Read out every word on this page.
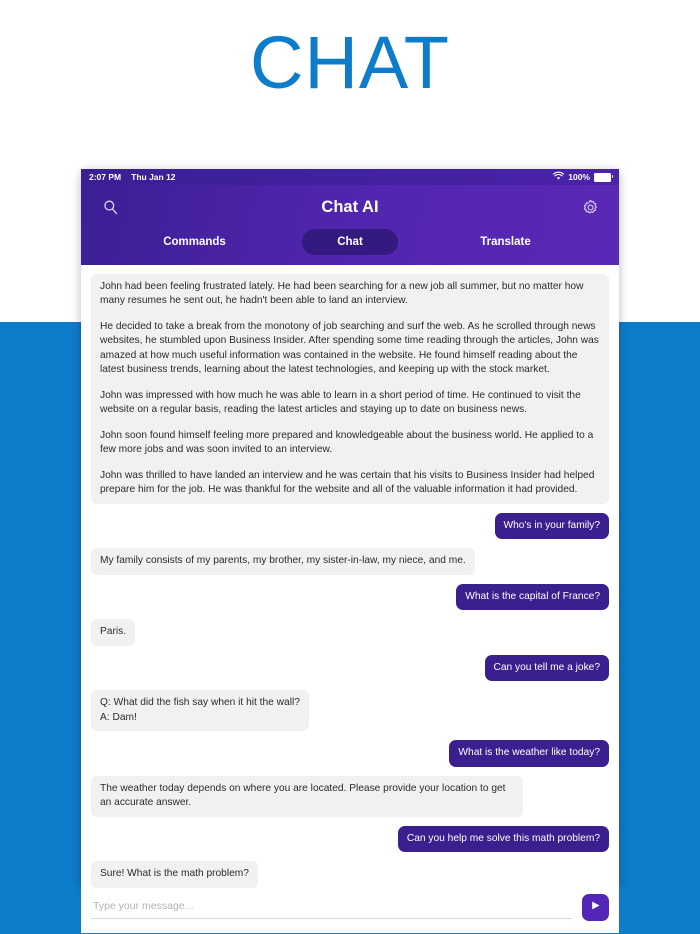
CHAT
2:07 PM Thu Jan 12	100%
Chat AI
Commands	Chat	Translate

John had been feeling frustrated lately. He had been searching for a new job all summer, but no matter how many resumes he sent out, he hadn't been able to land an interview.

He decided to take a break from the monotony of job searching and surf the web. As he scrolled through news websites, he stumbled upon Business Insider. After spending some time reading through the articles, John was amazed at how much useful information was contained in the website. He found himself reading about the latest business trends, learning about the latest technologies, and keeping up with the stock market.

John was impressed with how much he was able to learn in a short period of time. He continued to visit the website on a regular basis, reading the latest articles and staying up to date on business news.

John soon found himself feeling more prepared and knowledgeable about the business world. He applied to a few more jobs and was soon invited to an interview.

John was thrilled to have landed an interview and he was certain that his visits to Business Insider had helped prepare him for the job. He was thankful for the website and all of the valuable information it had provided.

Who's in your family?
My family consists of my parents, my brother, my sister-in-law, my niece, and me.
What is the capital of France?
Paris.
Can you tell me a joke?
Q: What did the fish say when it hit the wall?
A: Dam!
What is the weather like today?
The weather today depends on where you are located. Please provide your location to get an accurate answer.
Can you help me solve this math problem?
Sure! What is the math problem?
Type your message...
